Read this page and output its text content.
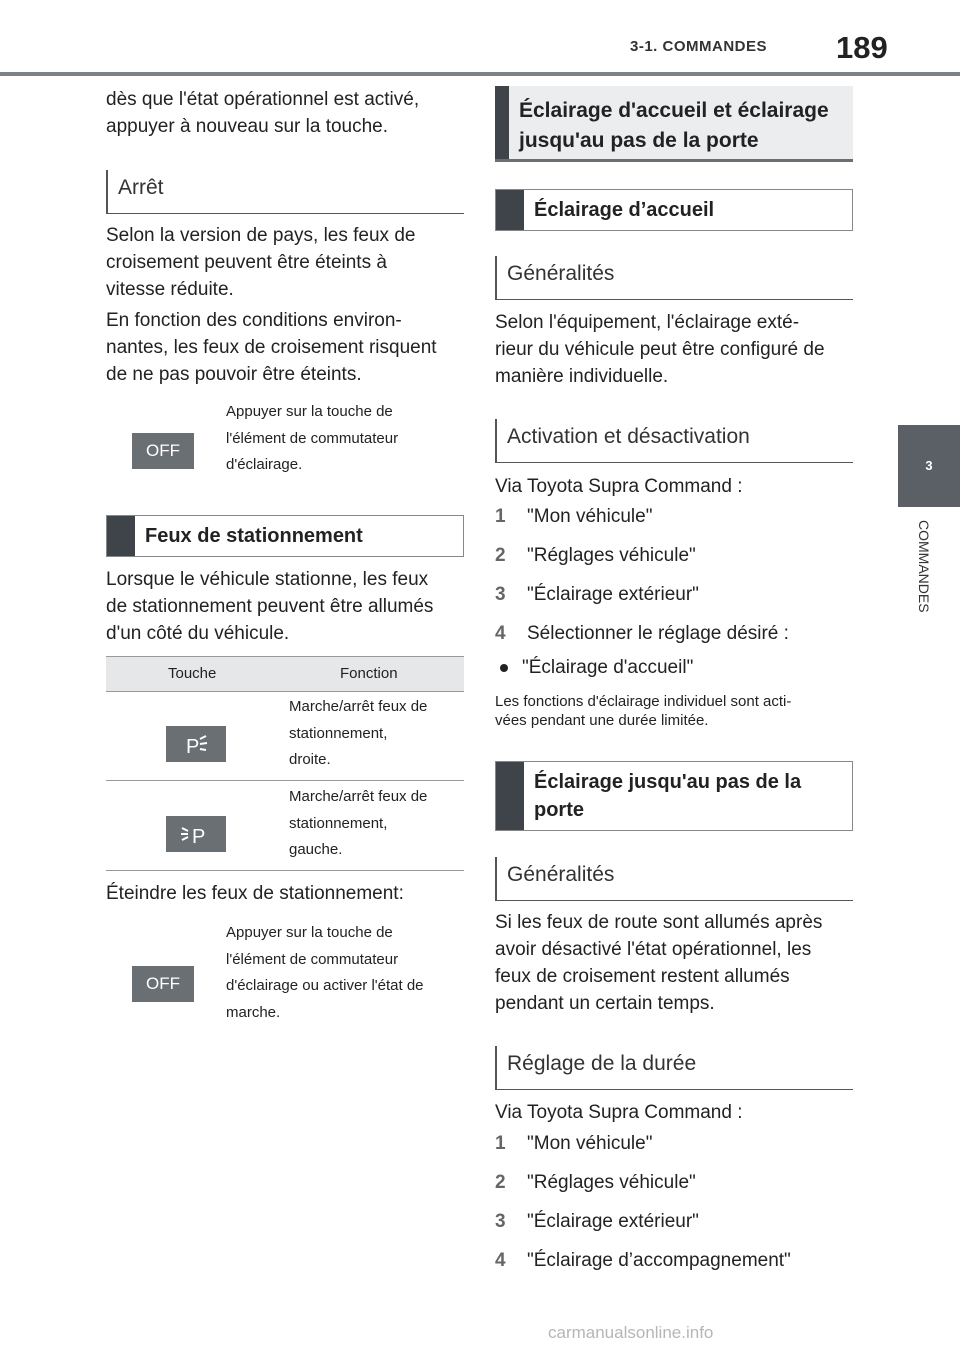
3-1. COMMANDES 189
3
COMMANDES
dès que l'état opérationnel est activé,
appuyer à nouveau sur la touche.
Arrêt
Selon la version de pays, les feux de
croisement peuvent être éteints à
vitesse réduite.
En fonction des conditions environ-
nantes, les feux de croisement risquent
de ne pas pouvoir être éteints.
OFF
Appuyer sur la touche de
l'élément de commutateur
d'éclairage.
Feux de stationnement
Lorsque le véhicule stationne, les feux
de stationnement peuvent être allumés
d'un côté du véhicule.
Touche	Fonction
P
Marche/arrêt feux de
stationnement,
droite.
P
Marche/arrêt feux de
stationnement,
gauche.
Éteindre les feux de stationnement:
OFF
Appuyer sur la touche de
l'élément de commutateur
d'éclairage ou activer l'état de
marche.
Éclairage d'accueil et éclairage
jusqu'au pas de la porte
Éclairage d’accueil
Généralités
Selon l'équipement, l'éclairage exté-
rieur du véhicule peut être configuré de
manière individuelle.
Activation et désactivation
Via Toyota Supra Command :
1 "Mon véhicule"
2 "Réglages véhicule"
3 "Éclairage extérieur"
4 Sélectionner le réglage désiré :
"Éclairage d'accueil"
Les fonctions d'éclairage individuel sont acti-
vées pendant une durée limitée.
Éclairage jusqu'au pas de la
porte
Généralités
Si les feux de route sont allumés après
avoir désactivé l'état opérationnel, les
feux de croisement restent allumés
pendant un certain temps.
Réglage de la durée
Via Toyota Supra Command :
1 "Mon véhicule"
2 "Réglages véhicule"
3 "Éclairage extérieur"
4 "Éclairage d’accompagnement"
carmanualsonline.info
